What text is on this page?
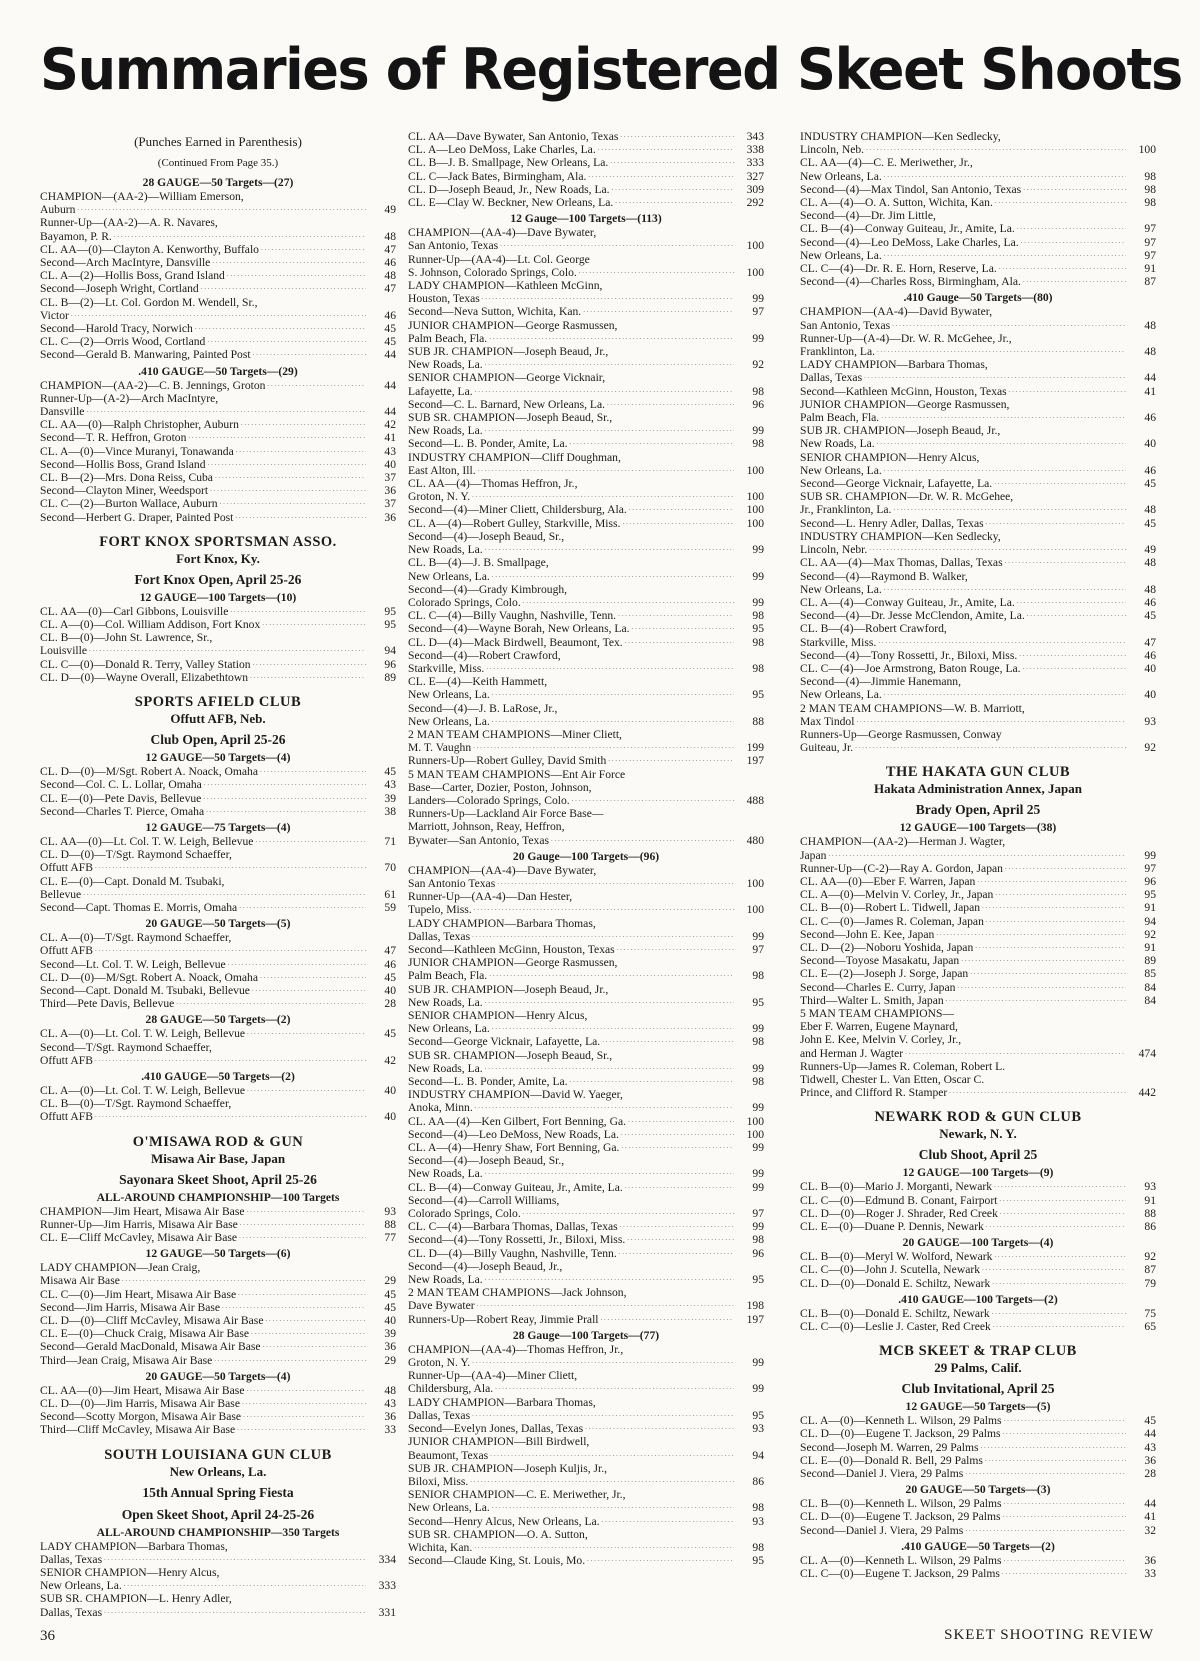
Summaries of Registered Skeet Shoots
(Punches Earned in Parenthesis)
(Continued From Page 35.)
28 GAUGE—50 Targets—(27)
CHAMPION—(AA-2)—William Emerson,
Auburn . . .	49
Runner-Up—(AA-2)—A. R. Navares,
Bayamon, P. R. . . .	48
CL. AA—(0)—Clayton A. Kenworthy, Buffalo . . .	47
Second—Arch MacIntyre, Dansville . . .	46
CL. A—(2)—Hollis Boss, Grand Island . . .	48
Second—Joseph Wright, Cortland . . .	47
CL. B—(2)—Lt. Col. Gordon M. Wendell, Sr.,
Victor . . .	46
Second—Harold Tracy, Norwich . . .	45
CL. C—(2)—Orris Wood, Cortland . . .	45
Second—Gerald B. Manwaring, Painted Post . . .	44
.410 GAUGE—50 Targets—(29)
CHAMPION—(AA-2)—C. B. Jennings, Groton . . .	44
Runner-Up—(A-2)—Arch MacIntyre,
Dansville . . .	44
CL. AA—(0)—Ralph Christopher, Auburn . . .	42
Second—T. R. Heffron, Groton . . .	41
CL. A—(0)—Vince Muranyi, Tonawanda . . .	43
Second—Hollis Boss, Grand Island . . .	40
CL. B—(2)—Mrs. Dona Reiss, Cuba . . .	37
Second—Clayton Miner, Weedsport . . .	36
CL. C—(2)—Burton Wallace, Auburn . . .	37
Second—Herbert G. Draper, Painted Post . . .	36
FORT KNOX SPORTSMAN ASSO.
Fort Knox, Ky.
Fort Knox Open, April 25-26
12 GAUGE—100 Targets—(10)
CL. AA—(0)—Carl Gibbons, Louisville . . .	95
CL. A—(0)—Col. William Addison, Fort Knox . . .	95
CL. B—(0)—John St. Lawrence, Sr.,
Louisville . . .	94
CL. C—(0)—Donald R. Terry, Valley Station . . .	96
CL. D—(0)—Wayne Overall, Elizabethtown . . .	89
SPORTS AFIELD CLUB
Offutt AFB, Neb.
Club Open, April 25-26
12 GAUGE—50 Targets—(4)
CL. D—(0)—M/Sgt. Robert A. Noack, Omaha . . .	45
Second—Col. C. L. Lollar, Omaha . . .	43
CL. E—(0)—Pete Davis, Bellevue . . .	39
Second—Charles T. Pierce, Omaha . . .	38
12 GAUGE—75 Targets—(4)
CL. AA—(0)—Lt. Col. T. W. Leigh, Bellevue . . .	71
CL. D—(0)—T/Sgt. Raymond Schaeffer,
Offutt AFB . . .	70
CL. E—(0)—Capt. Donald M. Tsubaki,
Bellevue . . .	61
Second—Capt. Thomas E. Morris, Omaha . . .	59
20 GAUGE—50 Targets—(5)
CL. A—(0)—T/Sgt. Raymond Schaeffer,
Offutt AFB . . .	47
Second—Lt. Col. T. W. Leigh, Bellevue . . .	46
CL. D—(0)—M/Sgt. Robert A. Noack, Omaha . . .	45
Second—Capt. Donald M. Tsubaki, Bellevue . . .	40
Third—Pete Davis, Bellevue . . .	28
28 GAUGE—50 Targets—(2)
CL. A—(0)—Lt. Col. T. W. Leigh, Bellevue . . .	45
Second—T/Sgt. Raymond Schaeffer,
Offutt AFB . . .	42
.410 GAUGE—50 Targets—(2)
CL. A—(0)—Lt. Col. T. W. Leigh, Bellevue . . .	40
CL. B—(0)—T/Sgt. Raymond Schaeffer,
Offutt AFB . . .	40
O'MISAWA ROD & GUN
Misawa Air Base, Japan
Sayonara Skeet Shoot, April 25-26
ALL-AROUND CHAMPIONSHIP—100 Targets
CHAMPION—Jim Heart, Misawa Air Base . . .	93
Runner-Up—Jim Harris, Misawa Air Base . . .	88
CL. E—Cliff McCavley, Misawa Air Base . . .	77
12 GAUGE—50 Targets—(6)
LADY CHAMPION—Jean Craig,
Misawa Air Base . . .	29
CL. C—(0)—Jim Heart, Misawa Air Base . . .	45
Second—Jim Harris, Misawa Air Base . . .	45
CL. D—(0)—Cliff McCavley, Misawa Air Base . . .	40
CL. E—(0)—Chuck Craig, Misawa Air Base . . .	39
Second—Gerald MacDonald, Misawa Air Base . . .	36
Third—Jean Craig, Misawa Air Base . . .	29
20 GAUGE—50 Targets—(4)
CL. AA—(0)—Jim Heart, Misawa Air Base . . .	48
CL. D—(0)—Jim Harris, Misawa Air Base . . .	43
Second—Scotty Morgon, Misawa Air Base . . .	36
Third—Cliff McCavley, Misawa Air Base . . .	33
SOUTH LOUISIANA GUN CLUB
New Orleans, La.
15th Annual Spring Fiesta
Open Skeet Shoot, April 24-25-26
ALL-AROUND CHAMPIONSHIP—350 Targets
LADY CHAMPION—Barbara Thomas,
Dallas, Texas . . .	334
SENIOR CHAMPION—Henry Alcus,
New Orleans, La. . . .	333
SUB SR. CHAMPION—L. Henry Adler,
Dallas, Texas . . .	331
CL. AA—Dave Bywater, San Antonio, Texas . . .	343
CL. A—Leo DeMoss, Lake Charles, La. . . .	338
CL. B—J. B. Smallpage, New Orleans, La. . . .	333
CL. C—Jack Bates, Birmingham, Ala. . . .	327
CL. D—Joseph Beaud, Jr., New Roads, La. . . .	309
CL. E—Clay W. Beckner, New Orleans, La. . . .	292
12 Gauge—100 Targets—(113)
CHAMPION—(AA-4)—Dave Bywater,
San Antonio, Texas . . .	100
Runner-Up—(AA-4)—Lt. Col. George
S. Johnson, Colorado Springs, Colo. . . .	100
LADY CHAMPION—Kathleen McGinn,
Houston, Texas . . .	99
Second—Neva Sutton, Wichita, Kan. . . .	97
JUNIOR CHAMPION—George Rasmussen,
Palm Beach, Fla. . . .	99
SUB JR. CHAMPION—Joseph Beaud, Jr.,
New Roads, La. . . .	92
SENIOR CHAMPION—George Vicknair,
Lafayette, La. . . .	98
Second—C. L. Barnard, New Orleans, La. . . .	96
SUB SR. CHAMPION—Joseph Beaud, Sr.,
New Roads, La. . . .	99
Second—L. B. Ponder, Amite, La. . . .	98
INDUSTRY CHAMPION—Cliff Doughman,
East Alton, Ill. . . .	100
CL. AA—(4)—Thomas Heffron, Jr.,
Groton, N. Y. . . .	100
Second—(4)—Miner Cliett, Childersburg, Ala. . . .	100
CL. A—(4)—Robert Gulley, Starkville, Miss. . . .	100
Second—(4)—Joseph Beaud, Sr.,
New Roads, La. . . .	99
CL. B—(4)—J. B. Smallpage,
New Orleans, La. . . .	99
Second—(4)—Grady Kimbrough,
Colorado Springs, Colo. . . .	99
CL. C—(4)—Billy Vaughn, Nashville, Tenn. . . .	98
Second—(4)—Wayne Borah, New Orleans, La. . . .	95
CL. D—(4)—Mack Birdwell, Beaumont, Tex. . . .	98
Second—(4)—Robert Crawford,
Starkville, Miss. . . .	98
CL. E—(4)—Keith Hammett,
New Orleans, La. . . .	95
Second—(4)—J. B. LaRose, Jr.,
New Orleans, La. . . .	88
2 MAN TEAM CHAMPIONS—Miner Cliett,
M. T. Vaughn . . .	199
Runners-Up—Robert Gulley, David Smith . . .	197
5 MAN TEAM CHAMPIONS—Ent Air Force
Base—Carter, Dozier, Poston, Johnson,
Landers—Colorado Springs, Colo. . . .	488
Runners-Up—Lackland Air Force Base—
Marriott, Johnson, Reay, Heffron,
Bywater—San Antonio, Texas . . .	480
20 Gauge—100 Targets—(96)
CHAMPION—(AA-4)—Dave Bywater,
San Antonio Texas . . .	100
Runner-Up—(AA-4)—Dan Hester,
Tupelo, Miss. . . .	100
LADY CHAMPION—Barbara Thomas,
Dallas, Texas . . .	99
Second—Kathleen McGinn, Houston, Texas . . .	97
JUNIOR CHAMPION—George Rasmussen,
Palm Beach, Fla. . . .	98
SUB JR. CHAMPION—Joseph Beaud, Jr.,
New Roads, La. . . .	95
SENIOR CHAMPION—Henry Alcus,
New Orleans, La. . . .	99
Second—George Vicknair, Lafayette, La. . . .	98
SUB SR. CHAMPION—Joseph Beaud, Sr.,
New Roads, La. . . .	99
Second—L. B. Ponder, Amite, La. . . .	98
INDUSTRY CHAMPION—David W. Yaeger,
Anoka, Minn. . . .	99
CL. AA—(4)—Ken Gilbert, Fort Benning, Ga. . . .	100
Second—(4)—Leo DeMoss, New Roads, La. . . .	100
CL. A—(4)—Henry Shaw, Fort Benning, Ga. . . .	99
Second—(4)—Joseph Beaud, Sr.,
New Roads, La. . . .	99
CL. B—(4)—Conway Guiteau, Jr., Amite, La. . . .	99
Second—(4)—Carroll Williams,
Colorado Springs, Colo. . . .	97
CL. C—(4)—Barbara Thomas, Dallas, Texas . . .	99
Second—(4)—Tony Rossetti, Jr., Biloxi, Miss. . . .	98
CL. D—(4)—Billy Vaughn, Nashville, Tenn. . . .	96
Second—(4)—Joseph Beaud, Jr.,
New Roads, La. . . .	95
2 MAN TEAM CHAMPIONS—Jack Johnson,
Dave Bywater . . .	198
Runners-Up—Robert Reay, Jimmie Prall . . .	197
28 Gauge—100 Targets—(77)
CHAMPION—(AA-4)—Thomas Heffron, Jr.,
Groton, N. Y. . . .	99
Runner-Up—(AA-4)—Miner Cliett,
Childersburg, Ala. . . .	99
LADY CHAMPION—Barbara Thomas,
Dallas, Texas . . .	95
Second—Evelyn Jones, Dallas, Texas . . .	93
JUNIOR CHAMPION—Bill Birdwell,
Beaumont, Texas . . .	94
SUB JR. CHAMPION—Joseph Kuljis, Jr.,
Biloxi, Miss. . . .	86
SENIOR CHAMPION—C. E. Meriwether, Jr.,
New Orleans, La. . . .	98
Second—Henry Alcus, New Orleans, La. . . .	93
SUB SR. CHAMPION—O. A. Sutton,
Wichita, Kan. . . .	98
Second—Claude King, St. Louis, Mo. . . .	95
INDUSTRY CHAMPION—Ken Sedlecky,
Lincoln, Neb. . . .	100
CL. AA—(4)—C. E. Meriwether, Jr.,
New Orleans, La. . . .	98
Second—(4)—Max Tindol, San Antonio, Texas . . .	98
CL. A—(4)—O. A. Sutton, Wichita, Kan. . . .	98
Second—(4)—Dr. Jim Little,
CL. B—(4)—Conway Guiteau, Jr., Amite, La. . . .	97
Second—(4)—Leo DeMoss, Lake Charles, La. . . .	97
New Orleans, La. . . .	97
CL. C—(4)—Dr. R. E. Horn, Reserve, La. . . .	91
Second—(4)—Charles Ross, Birmingham, Ala. . . .	87
.410 Gauge—50 Targets—(80)
CHAMPION—(AA-4)—David Bywater,
San Antonio, Texas . . .	48
Runner-Up—(A-4)—Dr. W. R. McGehee, Jr.,
Franklinton, La. . . .	48
LADY CHAMPION—Barbara Thomas,
Dallas, Texas . . .	44
Second—Kathleen McGinn, Houston, Texas . . .	41
JUNIOR CHAMPION—George Rasmussen,
Palm Beach, Fla. . . .	46
SUB JR. CHAMPION—Joseph Beaud, Jr.,
New Roads, La. . . .	40
SENIOR CHAMPION—Henry Alcus,
New Orleans, La. . . .	46
Second—George Vicknair, Lafayette, La. . . .	45
SUB SR. CHAMPION—Dr. W. R. McGehee,
Jr., Franklinton, La. . . .	48
Second—L. Henry Adler, Dallas, Texas . . .	45
INDUSTRY CHAMPION—Ken Sedlecky,
Lincoln, Nebr. . . .	49
CL. AA—(4)—Max Thomas, Dallas, Texas . . .	48
Second—(4)—Raymond B. Walker,
New Orleans, La. . . .	48
CL. A—(4)—Conway Guiteau, Jr., Amite, La. . . .	46
Second—(4)—Dr. Jesse McClendon, Amite, La. . . .	45
CL. B—(4)—Robert Crawford,
Starkville, Miss. . . .	47
Second—(4)—Tony Rossetti, Jr., Biloxi, Miss. . . .	46
CL. C—(4)—Joe Armstrong, Baton Rouge, La. . . .	40
Second—(4)—Jimmie Hanemann,
New Orleans, La. . . .	40
2 MAN TEAM CHAMPIONS—W. B. Marriott,
Max Tindol . . .	93
Runners-Up—George Rasmussen, Conway
Guiteau, Jr. . . .	92
THE HAKATA GUN CLUB
Hakata Administration Annex, Japan
Brady Open, April 25
12 GAUGE—100 Targets—(38)
CHAMPION—(AA-2)—Herman J. Wagter,
Japan . . .	99
Runner-Up—(C-2)—Ray A. Gordon, Japan . . .	97
CL. AA—(0)—Eber F. Warren, Japan . . .	96
CL. A—(0)—Melvin V. Corley, Jr., Japan . . .	95
CL. B—(0)—Robert L. Tidwell, Japan . . .	91
CL. C—(0)—James R. Coleman, Japan . . .	94
Second—John E. Kee, Japan . . .	92
CL. D—(2)—Noboru Yoshida, Japan . . .	91
Second—Toyose Masakatu, Japan . . .	89
CL. E—(2)—Joseph J. Sorge, Japan . . .	85
Second—Charles E. Curry, Japan . . .	84
Third—Walter L. Smith, Japan . . .	84
5 MAN TEAM CHAMPIONS—
Eber F. Warren, Eugene Maynard,
John E. Kee, Melvin V. Corley, Jr.,
and Herman J. Wagter . . .	474
Runners-Up—James R. Coleman, Robert L.
Tidwell, Chester L. Van Etten, Oscar C.
Prince, and Clifford R. Stamper . . .	442
NEWARK ROD & GUN CLUB
Newark, N. Y.
Club Shoot, April 25
12 GAUGE—100 Targets—(9)
CL. B—(0)—Mario J. Morganti, Newark . . .	93
CL. C—(0)—Edmund B. Conant, Fairport . . .	91
CL. D—(0)—Roger J. Shrader, Red Creek . . .	88
CL. E—(0)—Duane P. Dennis, Newark . . .	86
20 GAUGE—100 Targets—(4)
CL. B—(0)—Meryl W. Wolford, Newark . . .	92
CL. C—(0)—John J. Scutella, Newark . . .	87
CL. D—(0)—Donald E. Schiltz, Newark . . .	79
.410 GAUGE—100 Targets—(2)
CL. B—(0)—Donald E. Schiltz, Newark . . .	75
CL. C—(0)—Leslie J. Caster, Red Creek . . .	65
MCB SKEET & TRAP CLUB
29 Palms, Calif.
Club Invitational, April 25
12 GAUGE—50 Targets—(5)
CL. A—(0)—Kenneth L. Wilson, 29 Palms . . .	45
CL. D—(0)—Eugene T. Jackson, 29 Palms . . .	44
Second—Joseph M. Warren, 29 Palms . . .	43
CL. E—(0)—Donald R. Bell, 29 Palms . . .	36
Second—Daniel J. Viera, 29 Palms . . .	28
20 GAUGE—50 Targets—(3)
CL. B—(0)—Kenneth L. Wilson, 29 Palms . . .	44
CL. D—(0)—Eugene T. Jackson, 29 Palms . . .	41
Second—Daniel J. Viera, 29 Palms . . .	32
.410 GAUGE—50 Targets—(2)
CL. A—(0)—Kenneth L. Wilson, 29 Palms . . .	36
CL. C—(0)—Eugene T. Jackson, 29 Palms . . .	33
36	SKEET SHOOTING REVIEW
